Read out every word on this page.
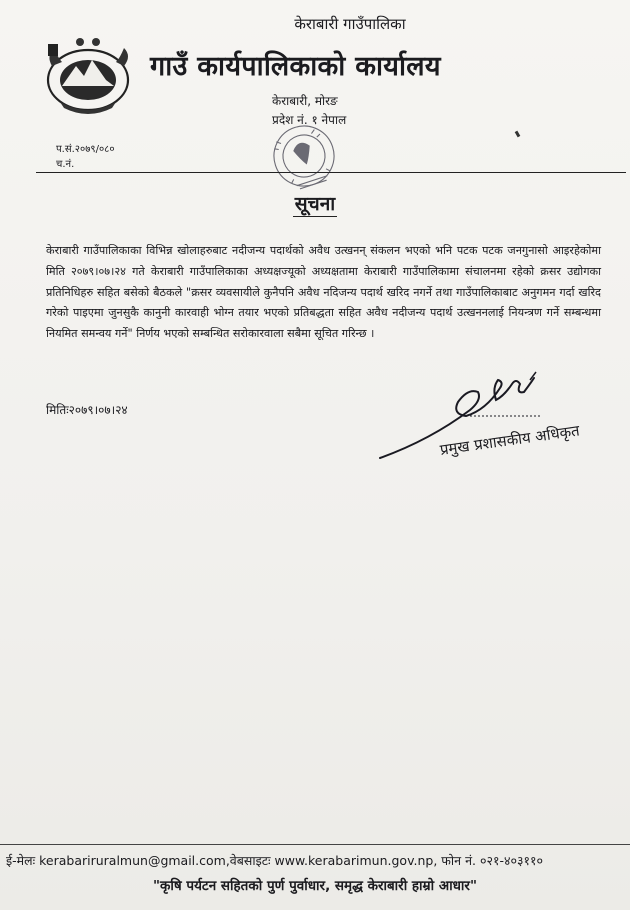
केराबारी गाउँपालिका
गाउँ कार्यपालिकाको कार्यालय
केराबारी, मोरङ
प्रदेश नं. १ नेपाल
प.सं.२०७९/०८०
च.नं.
सूचना
केराबारी गाउँपालिकाका विभिन्न खोलाहरुबाट नदीजन्य पदार्थको अवैध उत्खनन् संकलन भएको भनि पटक पटक जनगुनासो आइरहेकोमा मिति २०७९।०७।२४ गते केराबारी गाउँपालिकाका अध्यक्षज्यूको अध्यक्षतामा केराबारी गाउँपालिकामा संचालनमा रहेको क्रसर उद्योगका प्रतिनिधिहरु सहित बसेको बैठकले "क्रसर व्यवसायीले कुनैपनि अवैध नदिजन्य पदार्थ खरिद नगर्ने तथा गाउँपालिकाबाट अनुगमन गर्दा खरिद गरेको पाइएमा जुनसुकै कानुनी कारवाही भोग्न तयार भएको प्रतिबद्धता सहित अवैध नदीजन्य पदार्थ उत्खननलाई नियन्त्रण गर्ने सम्बन्धमा नियमित समन्वय गर्ने" निर्णय भएको सम्बन्धित सरोकारवाला सबैमा सूचित गरिन्छ ।
मितिः२०७९।०७।२४
प्रमुख प्रशासकीय अधिकृत
ई-मेलः kerabariruralmun@gmail.com,वेबसाइटः www.kerabarimun.gov.np, फोन नं. ०२१-४०३११०
"कृषि पर्यटन सहितको पुर्ण पुर्वाधार, समृद्ध केराबारी हाम्रो आधार"
